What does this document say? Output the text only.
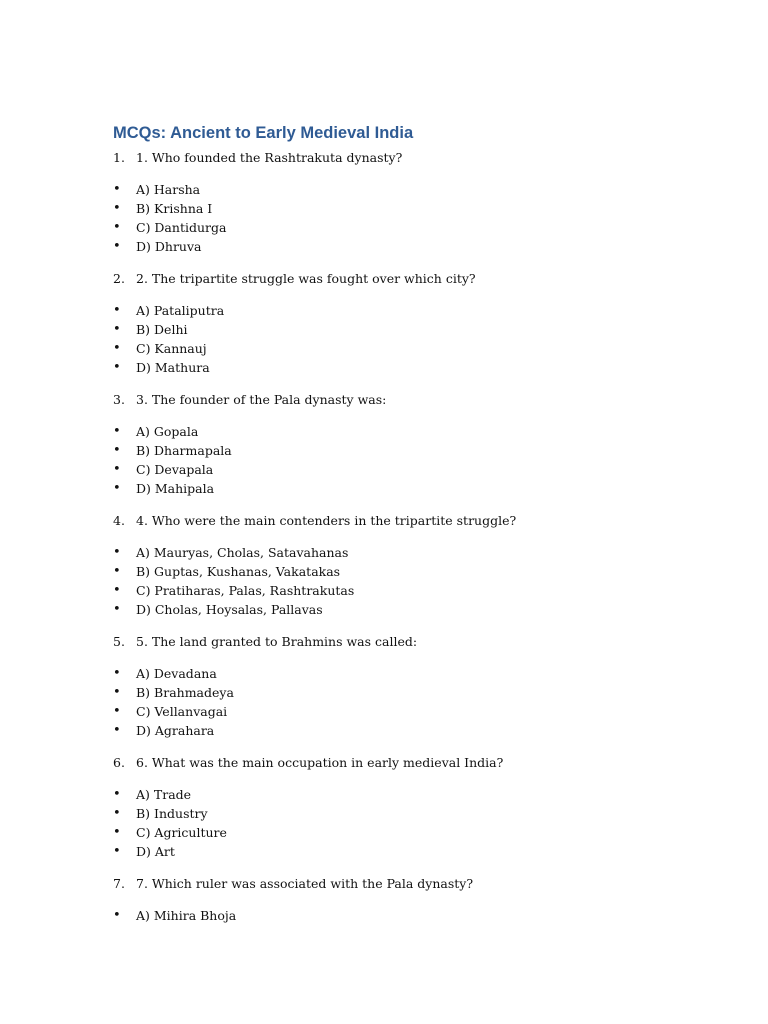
MCQs: Ancient to Early Medieval India
1. 1. Who founded the Rashtrakuta dynasty?
• A) Harsha
• B) Krishna I
• C) Dantidurga
• D) Dhruva
2. 2. The tripartite struggle was fought over which city?
• A) Pataliputra
• B) Delhi
• C) Kannauj
• D) Mathura
3. 3. The founder of the Pala dynasty was:
• A) Gopala
• B) Dharmapala
• C) Devapala
• D) Mahipala
4. 4. Who were the main contenders in the tripartite struggle?
• A) Mauryas, Cholas, Satavahanas
• B) Guptas, Kushanas, Vakatakas
• C) Pratiharas, Palas, Rashtrakutas
• D) Cholas, Hoysalas, Pallavas
5. 5. The land granted to Brahmins was called:
• A) Devadana
• B) Brahmadeya
• C) Vellanvagai
• D) Agrahara
6. 6. What was the main occupation in early medieval India?
• A) Trade
• B) Industry
• C) Agriculture
• D) Art
7. 7. Which ruler was associated with the Pala dynasty?
• A) Mihira Bhoja
